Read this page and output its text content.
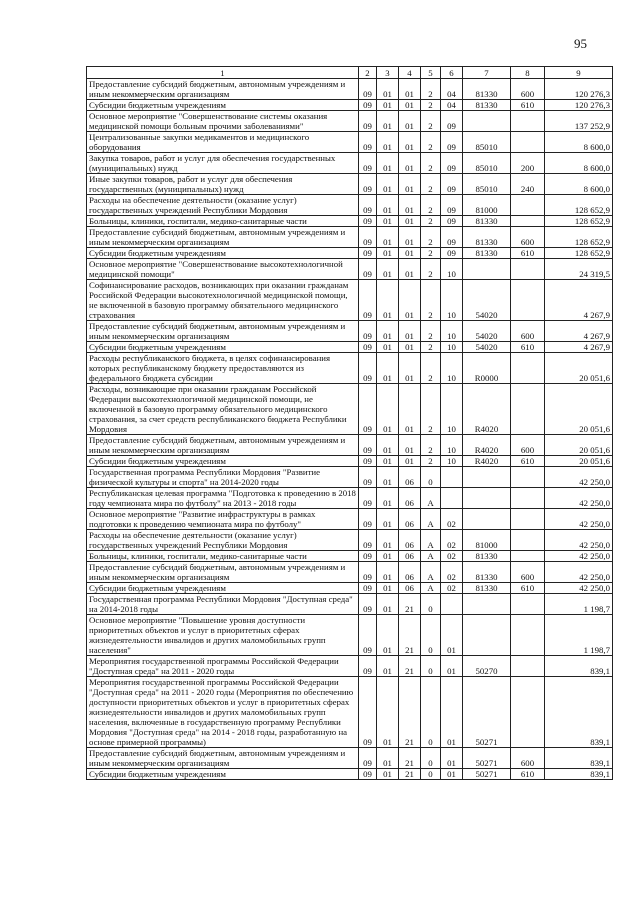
95
1	2	3	4	5	6	7	8	9
Предоставление субсидий бюджетным, автономным учреждениям и иным некоммерческим организациям	09	01	01	2	04	81330	600	120 276,3
Субсидии бюджетным учреждениям	09	01	01	2	04	81330	610	120 276,3
Основное мероприятие "Совершенствование системы оказания медицинской помощи больным прочими заболеваниями"	09	01	01	2	09			137 252,9
Централизованные закупки медикаментов и медицинского оборудования	09	01	01	2	09	85010		8 600,0
Закупка товаров, работ и услуг для обеспечения государственных (муниципальных) нужд	09	01	01	2	09	85010	200	8 600,0
Иные закупки товаров, работ и услуг для обеспечения государственных (муниципальных) нужд	09	01	01	2	09	85010	240	8 600,0
Расходы на обеспечение деятельности (оказание услуг) государственных учреждений Республики Мордовия	09	01	01	2	09	81000		128 652,9
Больницы, клиники, госпитали, медико-санитарные части	09	01	01	2	09	81330		128 652,9
Предоставление субсидий бюджетным, автономным учреждениям и иным некоммерческим организациям	09	01	01	2	09	81330	600	128 652,9
Субсидии бюджетным учреждениям	09	01	01	2	09	81330	610	128 652,9
Основное мероприятие "Совершенствование высокотехнологичной медицинской помощи"	09	01	01	2	10			24 319,5
Софинансирование расходов, возникающих при оказании гражданам Российской Федерации высокотехнологичной медицинской помощи, не включенной в базовую программу обязательного медицинского страхования	09	01	01	2	10	54020		4 267,9
Предоставление субсидий бюджетным, автономным учреждениям и иным некоммерческим организациям	09	01	01	2	10	54020	600	4 267,9
Субсидии бюджетным учреждениям	09	01	01	2	10	54020	610	4 267,9
Расходы республиканского бюджета, в целях софинансирования которых республиканскому бюджету предоставляются из федерального бюджета субсидии	09	01	01	2	10	R0000		20 051,6
Расходы, возникающие при оказании гражданам Российской Федерации высокотехнологичной медицинской помощи, не включенной в базовую программу обязательного медицинского страхования, за счет средств республиканского бюджета Республики Мордовия	09	01	01	2	10	R4020		20 051,6
Предоставление субсидий бюджетным, автономным учреждениям и иным некоммерческим организациям	09	01	01	2	10	R4020	600	20 051,6
Субсидии бюджетным учреждениям	09	01	01	2	10	R4020	610	20 051,6
Государственная программа Республики Мордовия "Развитие физической культуры и спорта" на 2014-2020 годы	09	01	06	0				42 250,0
Республиканская целевая программа "Подготовка к проведению в 2018 году чемпионата мира по футболу" на 2013 - 2018 годы	09	01	06	А				42 250,0
Основное мероприятие "Развитие инфраструктуры в рамках подготовки к проведению чемпионата мира по футболу"	09	01	06	А	02			42 250,0
Расходы на обеспечение деятельности (оказание услуг) государственных учреждений Республики Мордовия	09	01	06	А	02	81000		42 250,0
Больницы, клиники, госпитали, медико-санитарные части	09	01	06	А	02	81330		42 250,0
Предоставление субсидий бюджетным, автономным учреждениям и иным некоммерческим организациям	09	01	06	А	02	81330	600	42 250,0
Субсидии бюджетным учреждениям	09	01	06	А	02	81330	610	42 250,0
Государственная программа Республики Мордовия "Доступная среда" на 2014-2018 годы	09	01	21	0				1 198,7
Основное мероприятие "Повышение уровня доступности приоритетных объектов и услуг в приоритетных сферах жизнедеятельности инвалидов и других маломобильных групп населения"	09	01	21	0	01			1 198,7
Мероприятия государственной программы Российской Федерации "Доступная среда" на 2011 - 2020 годы	09	01	21	0	01	50270		839,1
Мероприятия государственной программы Российской Федерации "Доступная среда" на 2011 - 2020 годы (Мероприятия по обеспечению доступности приоритетных объектов и услуг в приоритетных сферах жизнедеятельности инвалидов и других маломобильных групп населения, включенные в государственную программу Республики Мордовия "Доступная среда" на 2014 - 2018 годы, разработанную на основе примерной программы)	09	01	21	0	01	50271		839,1
Предоставление субсидий бюджетным, автономным учреждениям и иным некоммерческим организациям	09	01	21	0	01	50271	600	839,1
Субсидии бюджетным учреждениям	09	01	21	0	01	50271	610	839,1
